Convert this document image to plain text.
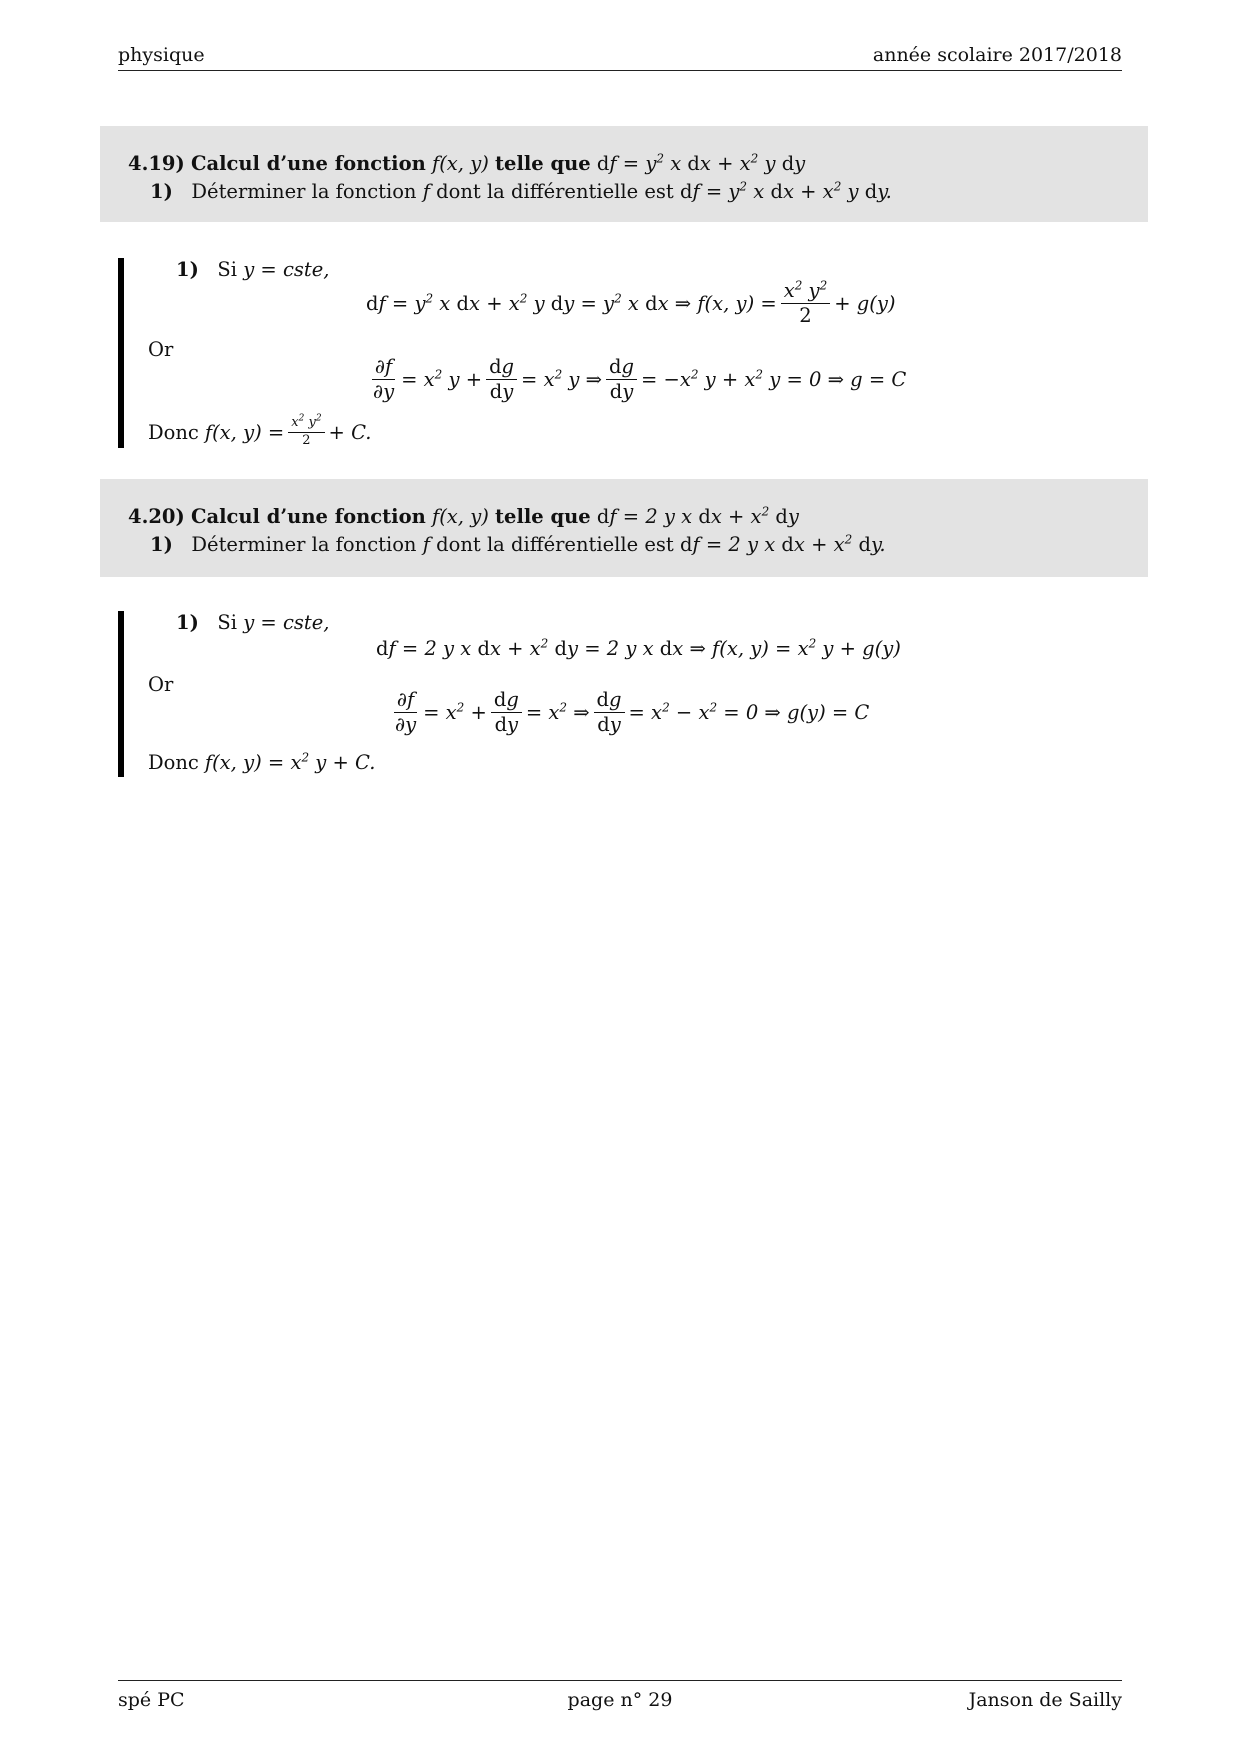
physique	année scolaire 2017/2018
4.19) Calcul d’une fonction f(x, y) telle que df = $y^2$ x dx + $x^2$ y dy
1) Déterminer la fonction f dont la différentielle est df = $y^2$ x dx + $x^2$ y dy.
1) Si y = cste,
df = $y^2$ x dx + $x^2$ y dy = $y^2$ x dx ⇒ f(x, $y) = \frac{x^2 y^2}{2} + g(y)$
Or
$\frac{\partial f}{\partial y} = x^2$ $y + \frac{dg}{dy} = x^2$ y ⇒ $\frac{dg}{dy} = -x^2$ $y + x^2$ y = 0 ⇒ g = C
Donc f(x, $y) = \frac{x^2 y^2}{2} + C$.
4.20) Calcul d’une fonction f(x, y) telle que df = 2 y x dx + $x^2$ dy
1) Déterminer la fonction f dont la différentielle est df = 2 y x dx + $x^2$ dy.
1) Si y = cste,
df = 2 y x dx + $x^2$ dy = 2 y x dx ⇒ f(x, $y) = x^2$ y + g(y)
Or
$\frac{\partial f}{\partial y} = x^2 + \frac{dg}{dy} = x^2$ ⇒ $\frac{dg}{dy} = x^2 - x^2 = 0$ ⇒ g(y) = C
Donc f(x, $y) = x^2$ y + C.
spé PC	page n° 29	Janson de Sailly
